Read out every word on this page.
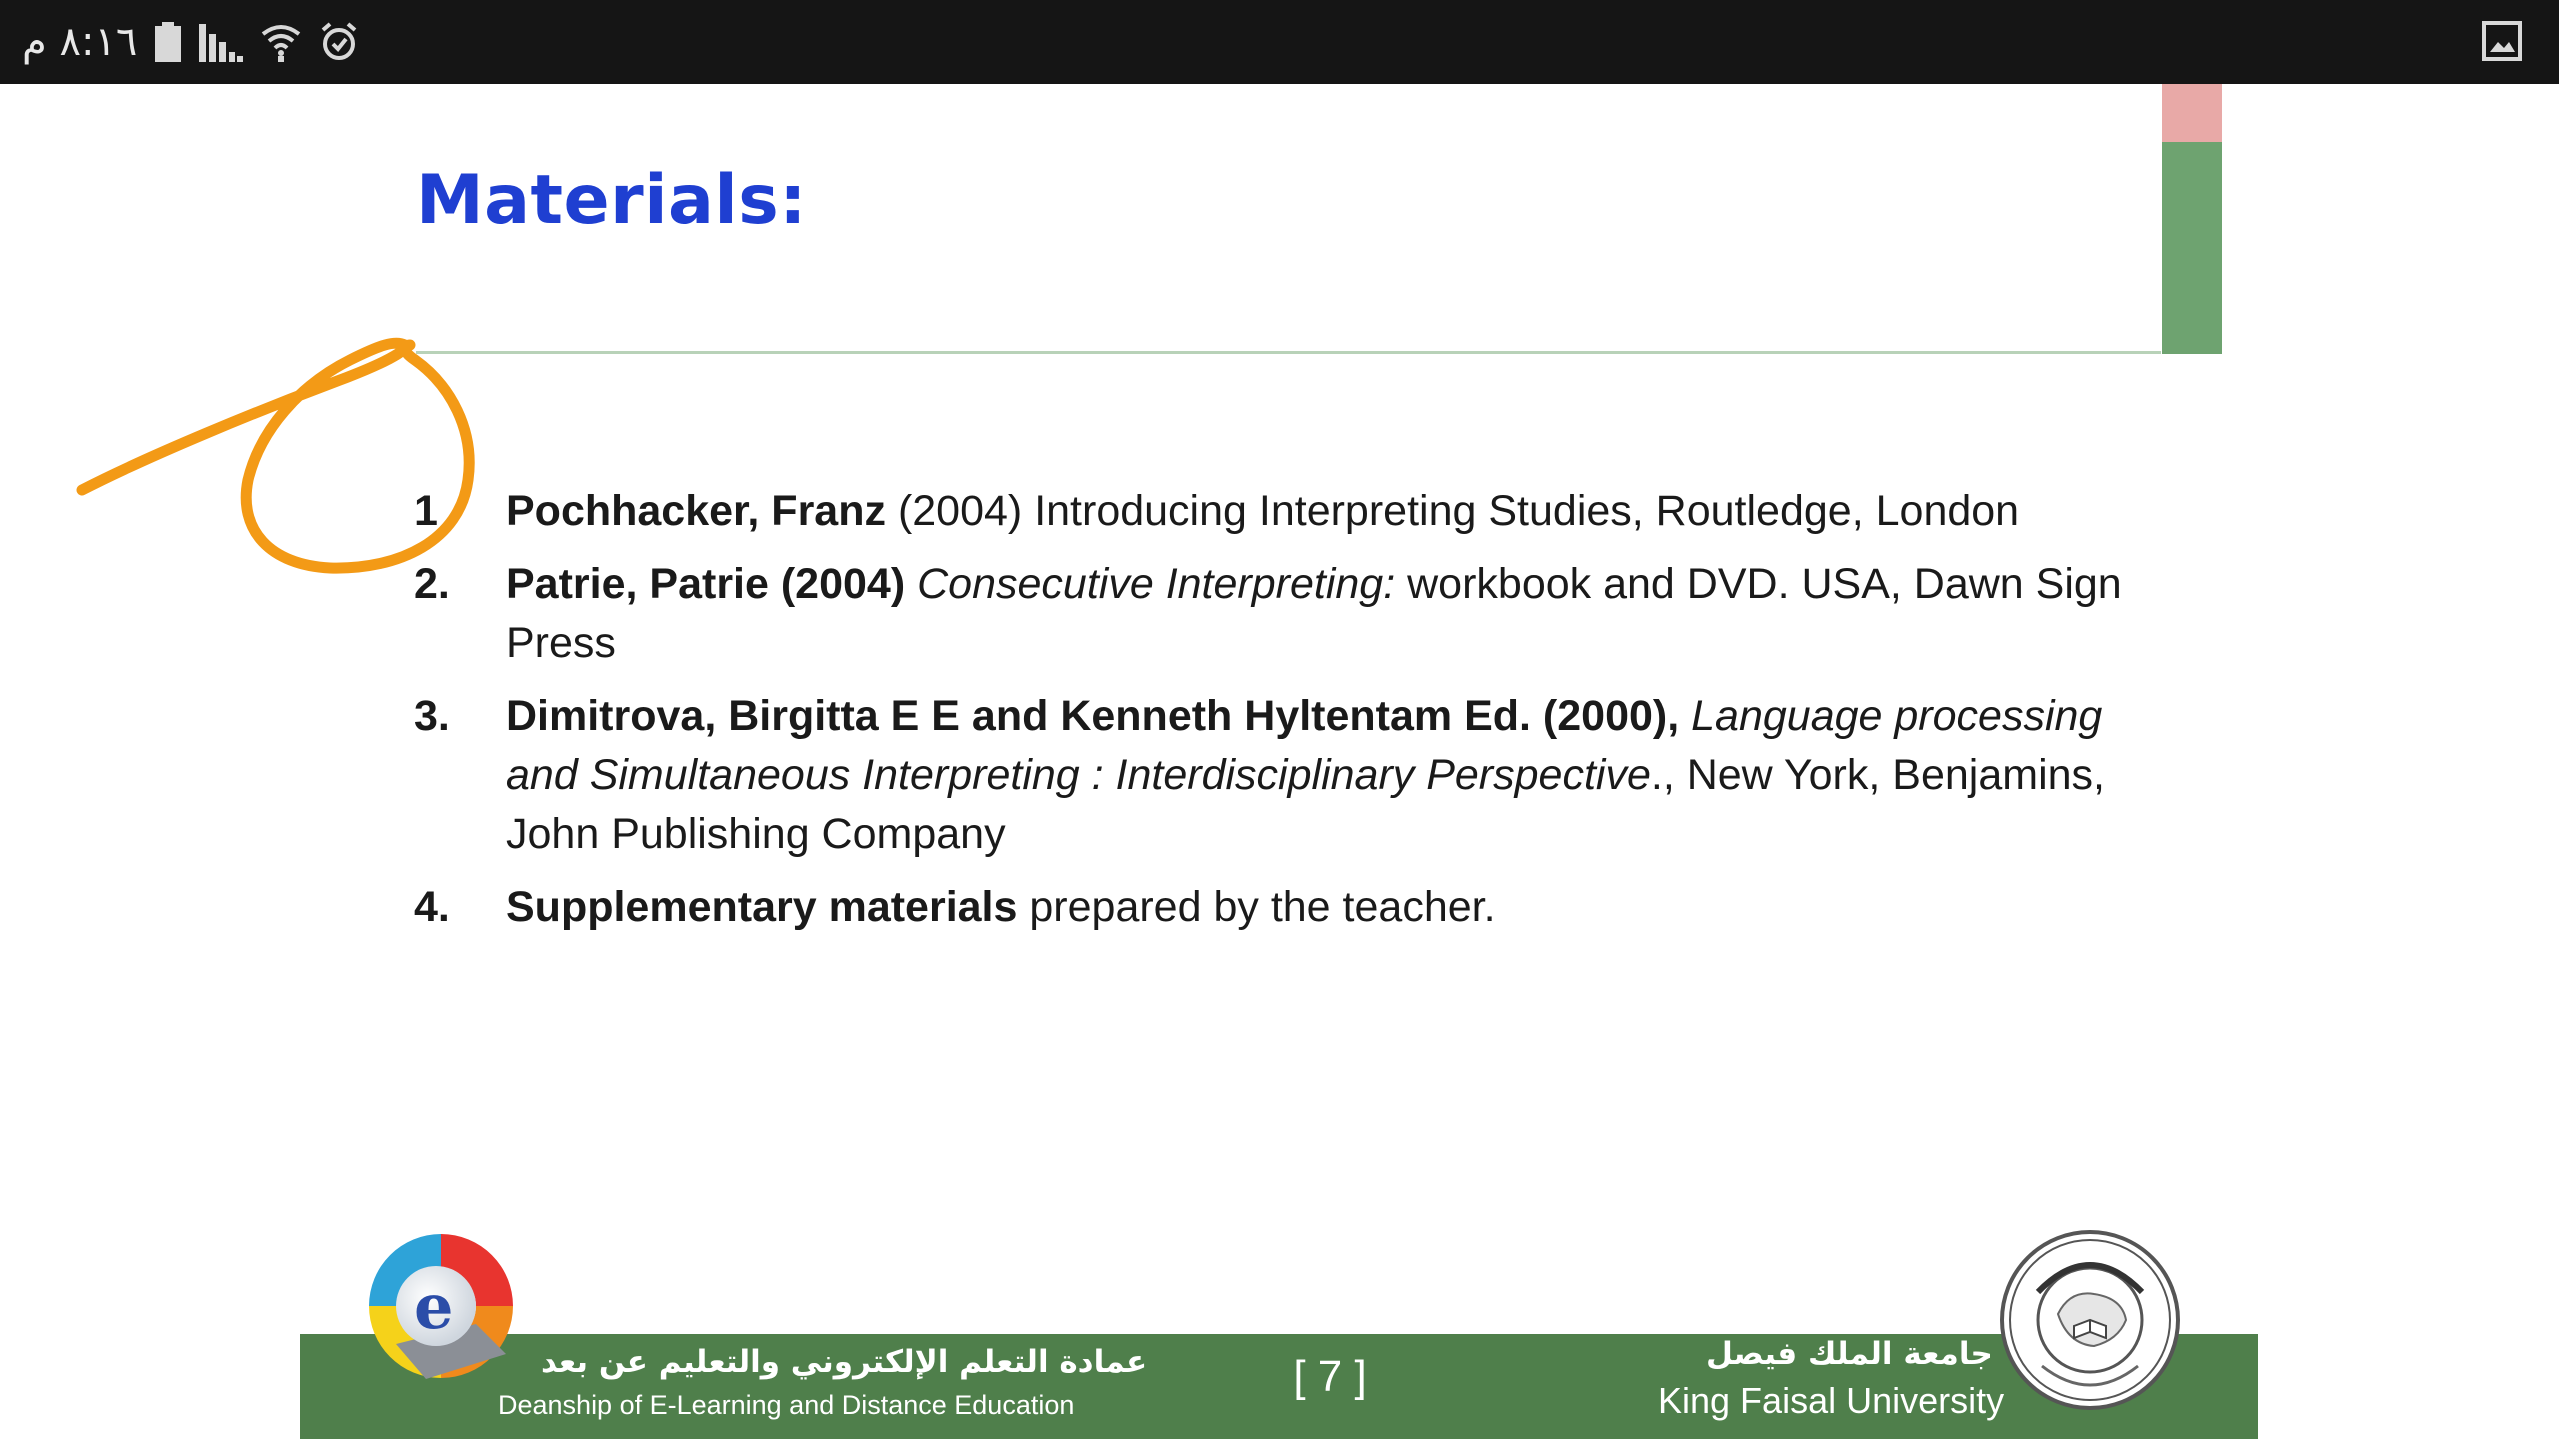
٨:١٦ م
Materials:
1 Pochhacker, Franz (2004) Introducing Interpreting Studies, Routledge, London
2. Patrie, Patrie (2004) Consecutive Interpreting: workbook and DVD. USA, Dawn Sign Press
3. Dimitrova, Birgitta E E and Kenneth Hyltentam Ed. (2000), Language processing and Simultaneous Interpreting : Interdisciplinary Perspective., New York, Benjamins, John Publishing Company
4. Supplementary materials prepared by the teacher.
e
عمادة التعلم الإلكتروني والتعليم عن بعد
Deanship of E-Learning and Distance Education
[ 7 ]	جامعة الملك فيصل
King Faisal University
